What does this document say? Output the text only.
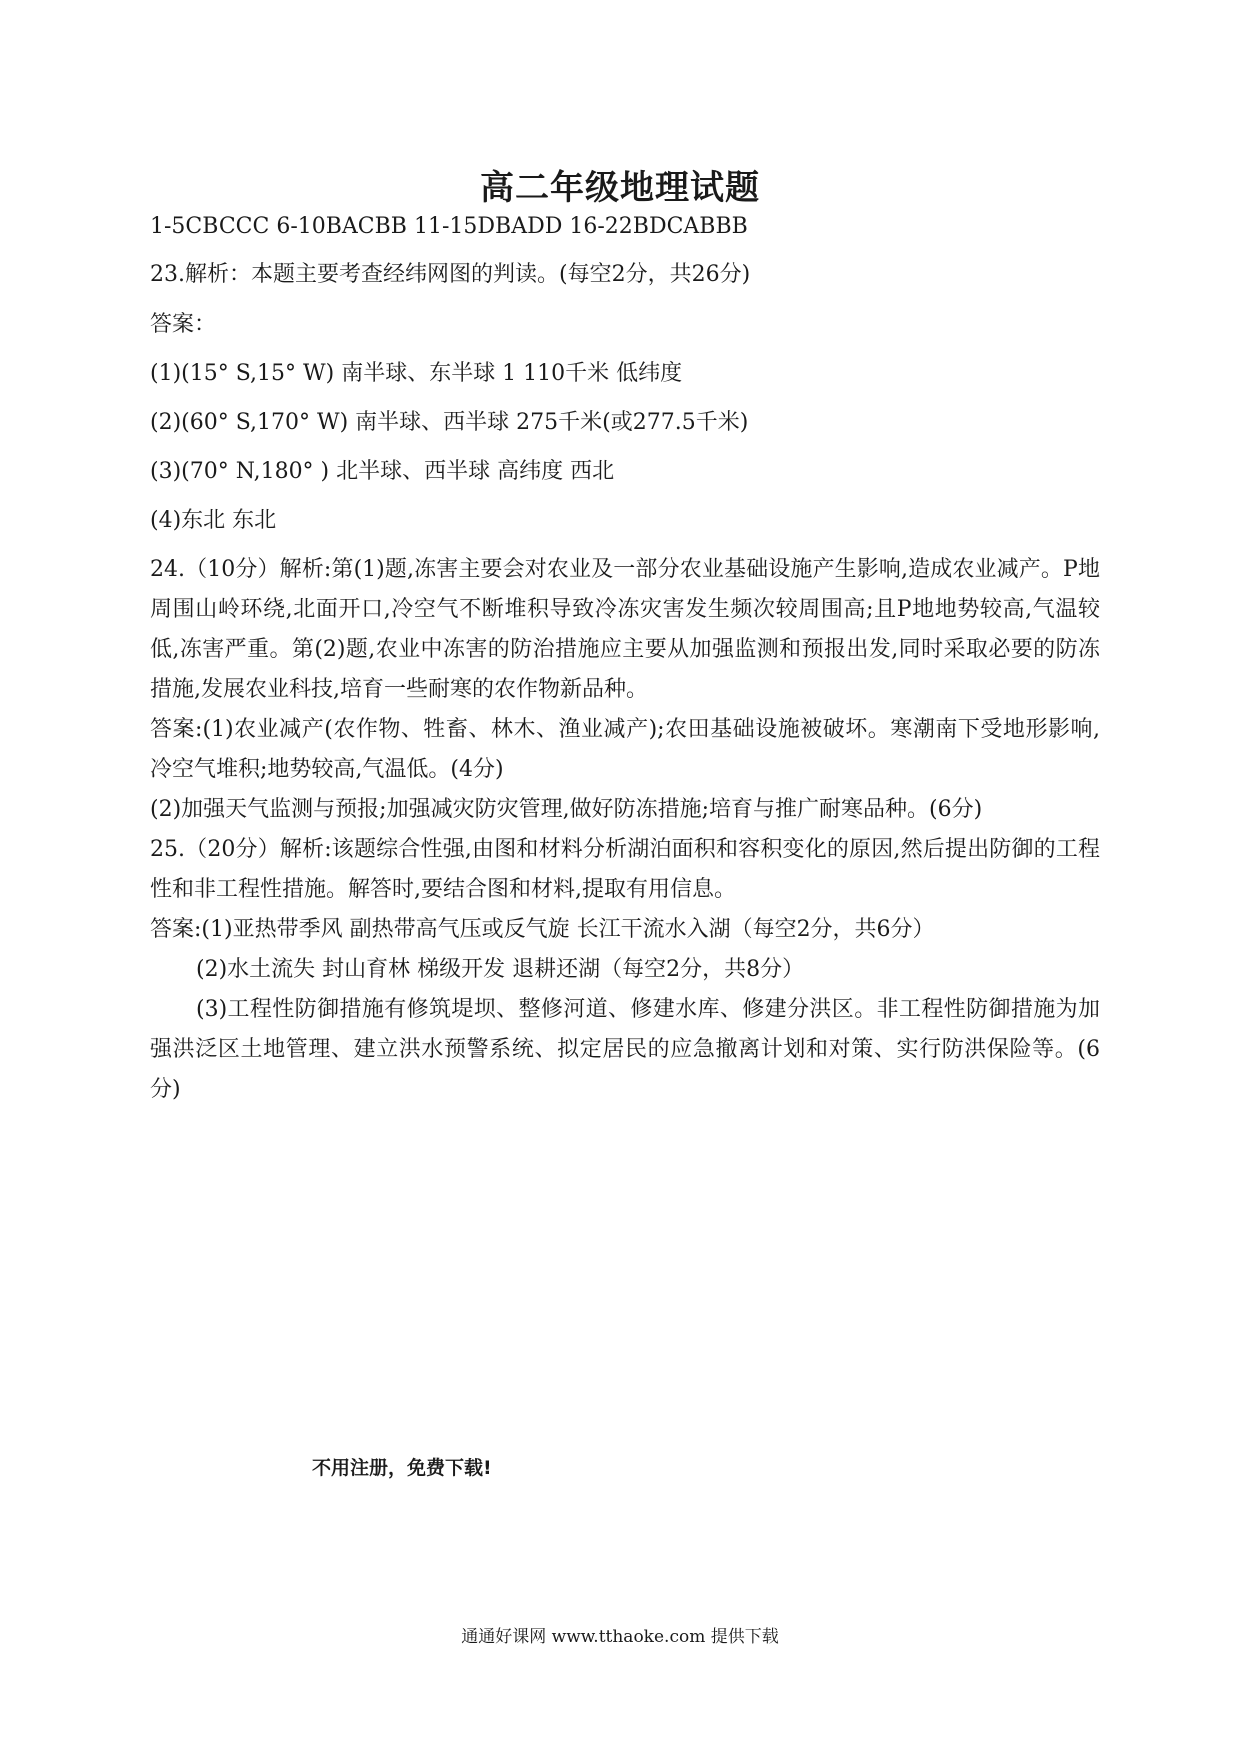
高二年级地理试题

1-5CBCCC 6-10BACBB 11-15DBADD 16-22BDCABBB

23.解析：本题主要考查经纬网图的判读。(每空2分，共26分)

答案：

(1)(15° S,15° W) 南半球、东半球 1 110千米 低纬度

(2)(60° S,170° W) 南半球、西半球 275千米(或277.5千米)

(3)(70° N,180° ) 北半球、西半球 高纬度 西北

(4)东北 东北

24.（10分）解析:第(1)题,冻害主要会对农业及一部分农业基础设施产生影响,造成农业减产。P地周围山岭环绕,北面开口,冷空气不断堆积导致冷冻灾害发生频次较周围高;且P地地势较高,气温较低,冻害严重。第(2)题,农业中冻害的防治措施应主要从加强监测和预报出发,同时采取必要的防冻措施,发展农业科技,培育一些耐寒的农作物新品种。

答案:(1)农业减产(农作物、牲畜、林木、渔业减产);农田基础设施被破坏。寒潮南下受地形影响,冷空气堆积;地势较高,气温低。(4分)

(2)加强天气监测与预报;加强减灾防灾管理,做好防冻措施;培育与推广耐寒品种。(6分)

25.（20分）解析:该题综合性强,由图和材料分析湖泊面积和容积变化的原因,然后提出防御的工程性和非工程性措施。解答时,要结合图和材料,提取有用信息。

答案:(1)亚热带季风 副热带高气压或反气旋 长江干流水入湖（每空2分，共6分）

(2)水土流失 封山育林 梯级开发 退耕还湖（每空2分，共8分）

(3)工程性防御措施有修筑堤坝、整修河道、修建水库、修建分洪区。非工程性防御措施为加强洪泛区土地管理、建立洪水预警系统、拟定居民的应急撤离计划和对策、实行防洪保险等。(6分)

不用注册，免费下载!
通通好课网 www.tthaoke.com 提供下载
